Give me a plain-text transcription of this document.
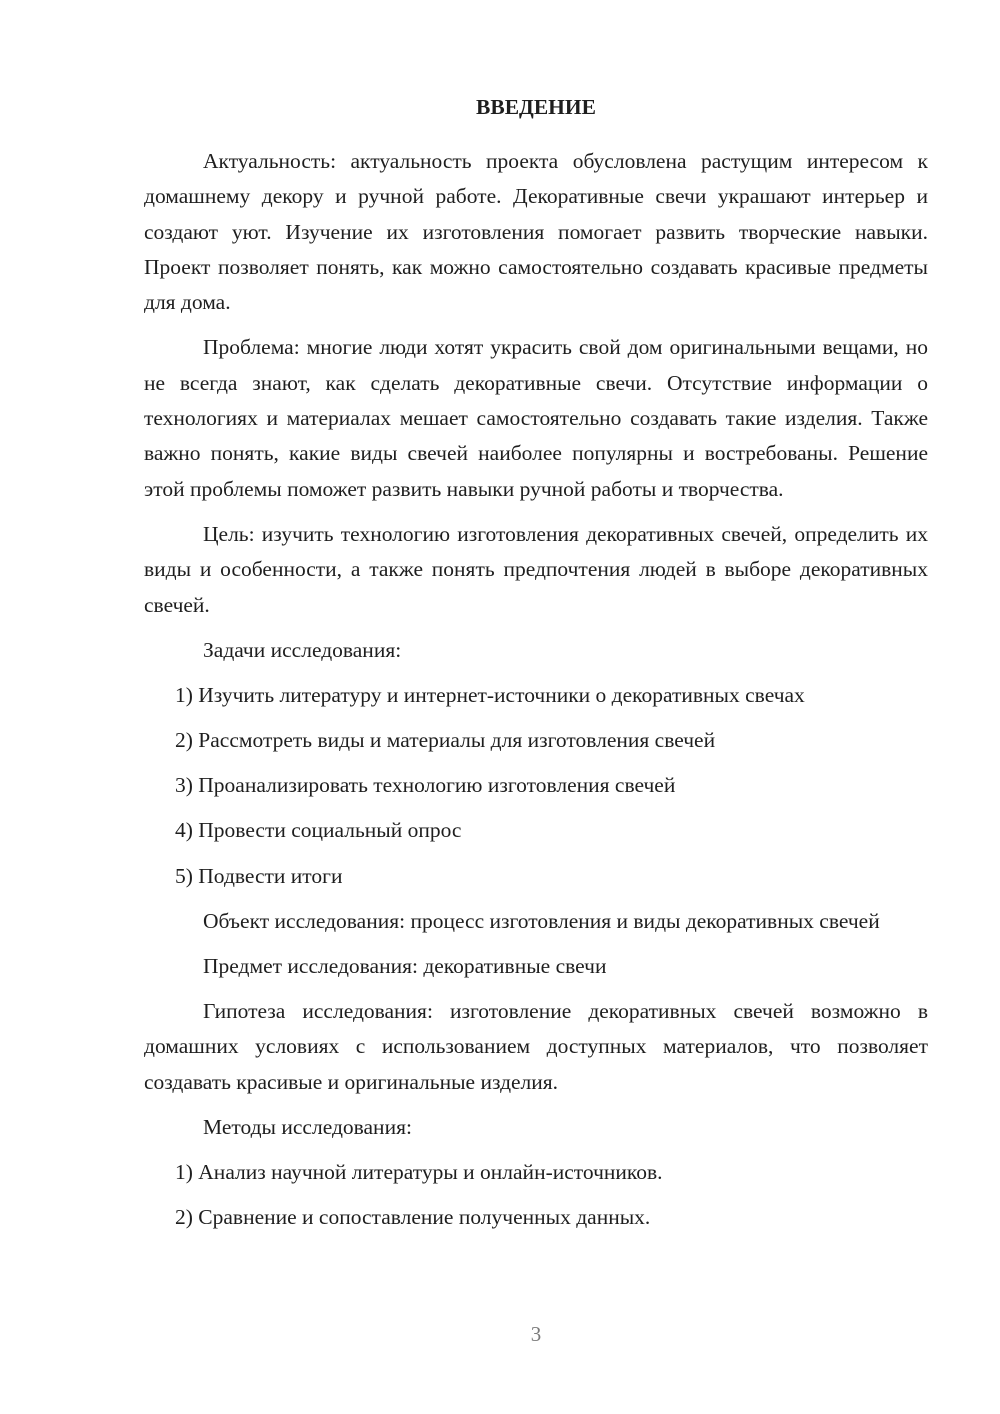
ВВЕДЕНИЕ

Актуальность: актуальность проекта обусловлена растущим интересом к домашнему декору и ручной работе. Декоративные свечи украшают интерьер и создают уют. Изучение их изготовления помогает развить творческие навыки. Проект позволяет понять, как можно самостоятельно создавать красивые предметы для дома.

Проблема: многие люди хотят украсить свой дом оригинальными вещами, но не всегда знают, как сделать декоративные свечи. Отсутствие информации о технологиях и материалах мешает самостоятельно создавать такие изделия. Также важно понять, какие виды свечей наиболее популярны и востребованы. Решение этой проблемы поможет развить навыки ручной работы и творчества.

Цель: изучить технологию изготовления декоративных свечей, определить их виды и особенности, а также понять предпочтения людей в выборе декоративных свечей.

Задачи исследования:

1) Изучить литературу и интернет-источники о декоративных свечах
2) Рассмотреть виды и материалы для изготовления свечей
3) Проанализировать технологию изготовления свечей
4) Провести социальный опрос
5) Подвести итоги

Объект исследования: процесс изготовления и виды декоративных свечей

Предмет исследования: декоративные свечи

Гипотеза исследования: изготовление декоративных свечей возможно в домашних условиях с использованием доступных материалов, что позволяет создавать красивые и оригинальные изделия.

Методы исследования:

1) Анализ научной литературы и онлайн-источников.
2) Сравнение и сопоставление полученных данных.
3
